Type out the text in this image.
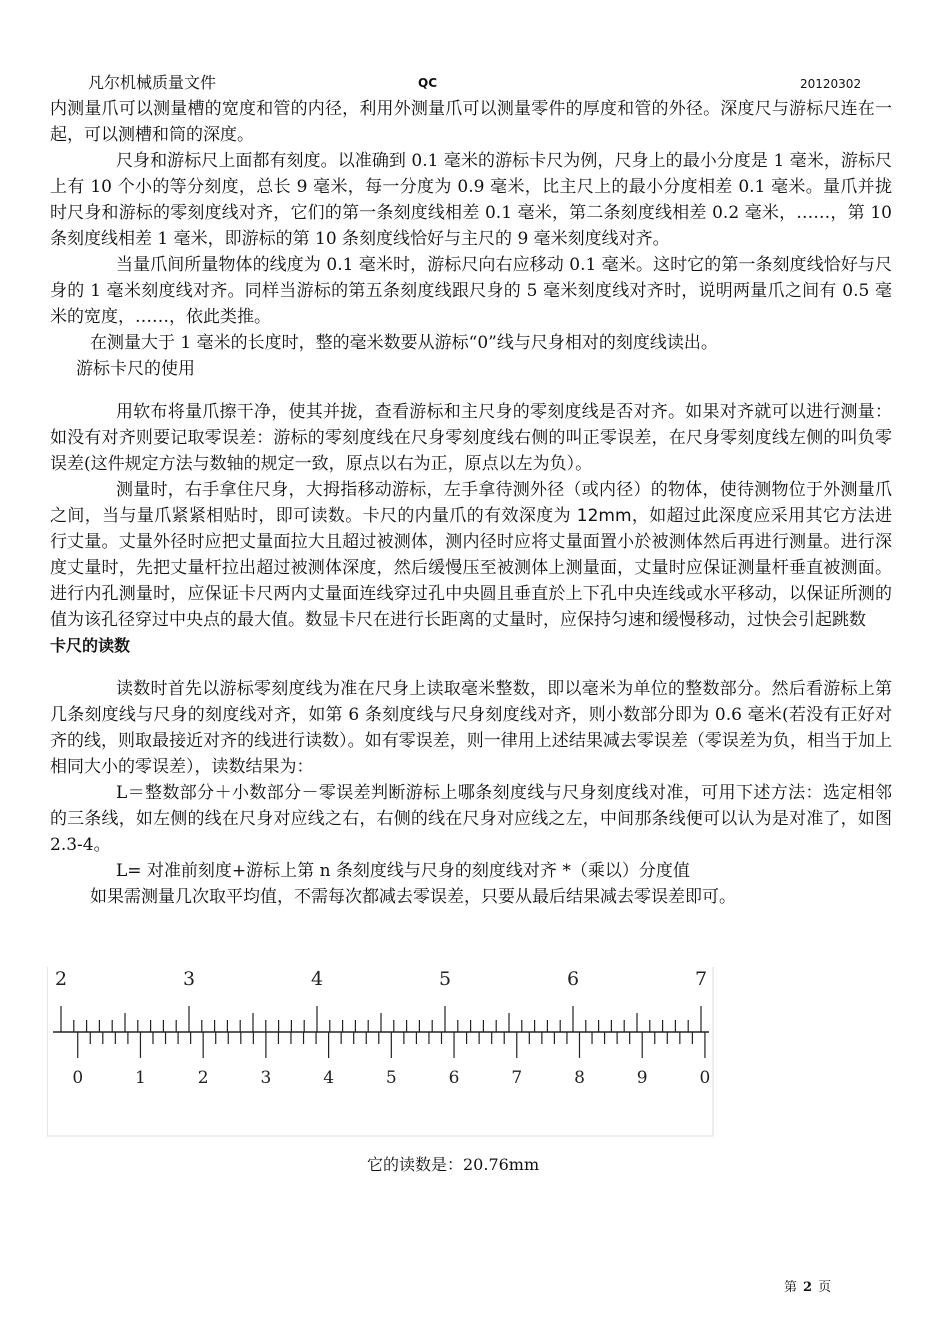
凡尔机械质量文件	QC	20120302

内测量爪可以测量槽的宽度和管的内径，利用外测量爪可以测量零件的厚度和管的外径。深度尺与游标尺连在一起，可以测槽和筒的深度。

尺身和游标尺上面都有刻度。以准确到 0.1 毫米的游标卡尺为例，尺身上的最小分度是 1 毫米，游标尺上有 10 个小的等分刻度，总长 9 毫米，每一分度为 0.9 毫米，比主尺上的最小分度相差 0.1 毫米。量爪并拢时尺身和游标的零刻度线对齐，它们的第一条刻度线相差 0.1 毫米，第二条刻度线相差 0.2 毫米，……，第 10 条刻度线相差 1 毫米，即游标的第 10 条刻度线恰好与主尺的 9 毫米刻度线对齐。

当量爪间所量物体的线度为 0.1 毫米时，游标尺向右应移动 0.1 毫米。这时它的第一条刻度线恰好与尺身的 1 毫米刻度线对齐。同样当游标的第五条刻度线跟尺身的 5 毫米刻度线对齐时，说明两量爪之间有 0.5 毫米的宽度，……，依此类推。

在测量大于 1 毫米的长度时，整的毫米数要从游标“0”线与尺身相对的刻度线读出。

游标卡尺的使用

用软布将量爪擦干净，使其并拢，查看游标和主尺身的零刻度线是否对齐。如果对齐就可以进行测量：如没有对齐则要记取零误差：游标的零刻度线在尺身零刻度线右侧的叫正零误差，在尺身零刻度线左侧的叫负零误差(这件规定方法与数轴的规定一致，原点以右为正，原点以左为负）。

测量时，右手拿住尺身，大拇指移动游标，左手拿待测外径（或内径）的物体，使待测物位于外测量爪之间，当与量爪紧紧相贴时，即可读数。卡尺的内量爪的有效深度为 12mm，如超过此深度应采用其它方法进行丈量。丈量外径时应把丈量面拉大且超过被测体，测内径时应将丈量面置小於被测体然后再进行测量。进行深度丈量时，先把丈量杆拉出超过被测体深度，然后缓慢压至被测体上测量面，丈量时应保证测量杆垂直被测面。进行内孔测量时，应保证卡尺两内丈量面连线穿过孔中央圆且垂直於上下孔中央连线或水平移动，以保证所测的值为该孔径穿过中央点的最大值。数显卡尺在进行长距离的丈量时，应保持匀速和缓慢移动，过快会引起跳数

卡尺的读数

读数时首先以游标零刻度线为准在尺身上读取毫米整数，即以毫米为单位的整数部分。然后看游标上第几条刻度线与尺身的刻度线对齐，如第 6 条刻度线与尺身刻度线对齐，则小数部分即为 0.6 毫米(若没有正好对齐的线，则取最接近对齐的线进行读数）。如有零误差，则一律用上述结果减去零误差（零误差为负，相当于加上相同大小的零误差），读数结果为：

L＝整数部分＋小数部分－零误差判断游标上哪条刻度线与尺身刻度线对准，可用下述方法：选定相邻的三条线，如左侧的线在尺身对应线之右，右侧的线在尺身对应线之左，中间那条线便可以认为是对准了，如图 2.3-4。

L= 对准前刻度+游标上第 n 条刻度线与尺身的刻度线对齐 *（乘以）分度值

如果需测量几次取平均值，不需每次都减去零误差，只要从最后结果减去零误差即可。

2	3	4	5	6	7
0	1	2	3	4	5	6	7	8	9	0
它的读数是：20.76mm
第 2 页
